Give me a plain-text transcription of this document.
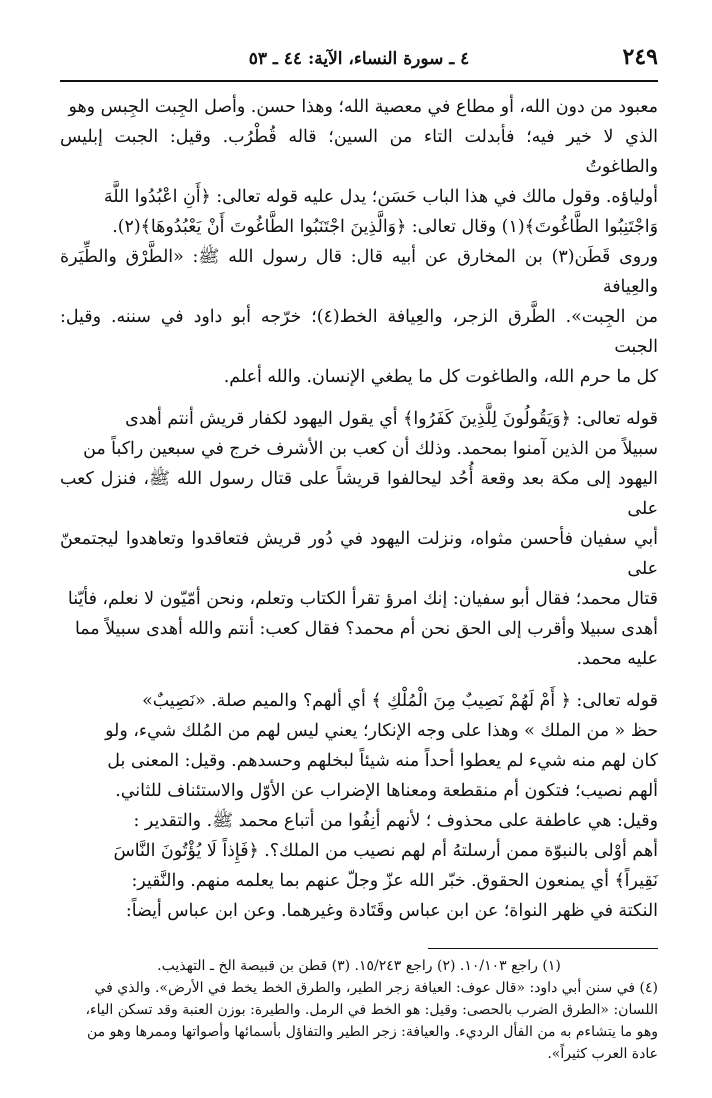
٢٤٩
٤ ـ سورة النساء، الآية: ٤٤ ـ ٥٣

معبود من دون الله، أو مطاع في معصية الله؛ وهذا حسن. وأصل الجِبت الجِبس وهو

الذي لا خير فيه؛ فأبدلت التاء من السين؛ قاله قُطْرُب. وقيل: الجبت إبليس والطاغوتُ

أولياؤه. وقول مالك في هذا الباب حَسَن؛ يدل عليه قوله تعالى: ﴿أَنِ اعْبُدُوا اللَّهَ

وَاجْتَنِبُوا الطَّاغُوتَ﴾(١) وقال تعالى: ﴿وَالَّذِينَ اجْتَنَبُوا الطَّاغُوتَ أَنْ يَعْبُدُوهَا﴾(٢).

وروى قَطَن(٣) بن المخارق عن أبيه قال: قال رسول الله ﷺ: «الطَّرْق والطِّيَرة والعِيافة

من الجِبت». الطَّرق الزجر، والعِيافة الخط(٤)؛ خرّجه أبو داود في سننه. وقيل: الجبت

كل ما حرم الله، والطاغوت كل ما يطغي الإنسان. والله أعلم.

قوله تعالى: ﴿وَيَقُولُونَ لِلَّذِينَ كَفَرُوا﴾ أي يقول اليهود لكفار قريش أنتم أهدى

سبيلاً من الذين آمنوا بمحمد. وذلك أن كعب بن الأشرف خرج في سبعين راكباً من

اليهود إلى مكة بعد وقعة أُحُد ليحالفوا قريشاً على قتال رسول الله ﷺ، فنزل كعب على

أبي سفيان فأحسن مثواه، ونزلت اليهود في دُور قريش فتعاقدوا وتعاهدوا ليجتمعنّ على

قتال محمد؛ فقال أبو سفيان: إنك امرؤ تقرأ الكتاب وتعلم، ونحن أمّيّون لا نعلم، فأيّنا

أهدى سبيلا وأقرب إلى الحق نحن أم محمد؟ فقال كعب: أنتم والله أهدى سبيلاً مما

عليه محمد.

قوله تعالى: ﴿ أَمْ لَهُمْ نَصِيبٌ مِنَ الْمُلْكِ ﴾ أي ألهم؟ والميم صلة. «نَصِيبٌ»

حظ « من الملك » وهذا على وجه الإنكار؛ يعني ليس لهم من المُلك شيء، ولو

كان لهم منه شيء لم يعطوا أحداً منه شيئاً لبخلهم وحسدهم. وقيل: المعنى بل

ألهم نصيب؛ فتكون أم منقطعة ومعناها الإضراب عن الأوّل والاستئناف للثاني.

وقيل: هي عاطفة على محذوف ؛ لأنهم أنِفُوا من أتباع محمد ﷺ. والتقدير :

أهم أوْلى بالنبوّة ممن أرسلتهُ أم لهم نصيب من الملك؟. ﴿فَإِذاً لَا يُؤْتُونَ النَّاسَ

نَقِيراً﴾ أي يمنعون الحقوق. خبّر الله عزّ وجلّ عنهم بما يعلمه منهم. والنَّقير:

النكتة في ظهر النواة؛ عن ابن عباس وقَتَادة وغيرهما. وعن ابن عباس أيضاً:

(١) راجع ١٠/١٠٣. (٢) راجع ١٥/٢٤٣. (٣) قطن بن قبيصة الخ ـ التهذيب.

(٤) في سنن أبي داود: «قال عوف: العيافة زجر الطير، والطرق الخط يخط في الأرض». والذي في

اللسان: «الطرق الضرب بالحصى: وقيل: هو الخط في الرمل. والطيرة: بوزن العنبة وقد تسكن الياء،

وهو ما يتشاءم به من الفأل الرديء. والعيافة: زجر الطير والتفاؤل بأسمائها وأصواتها وممرها وهو من

عادة العرب كثيراً».
